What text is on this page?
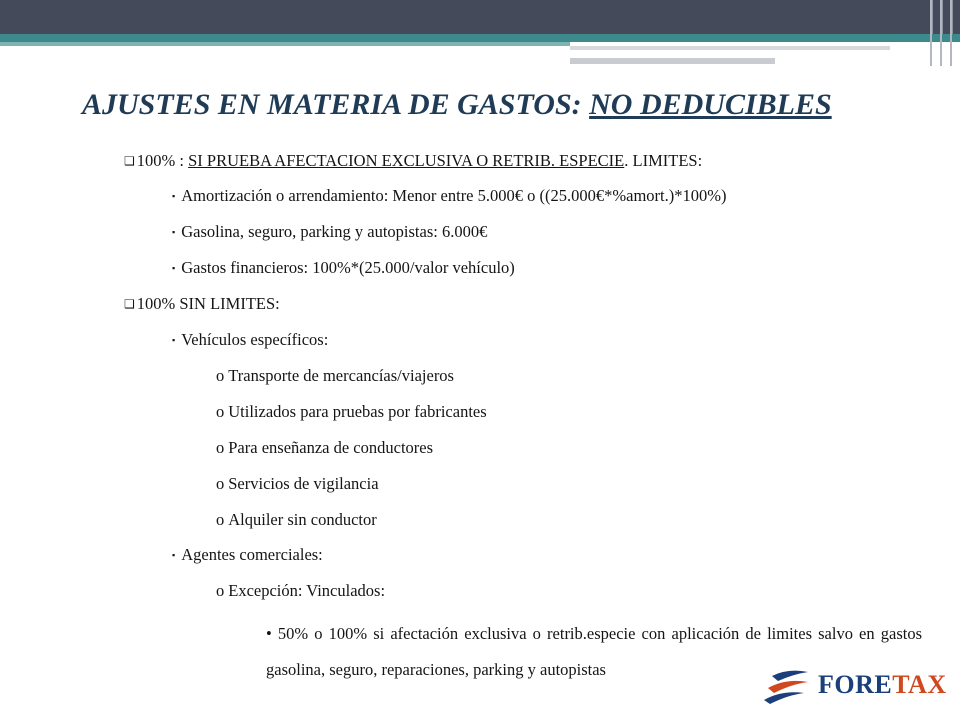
AJUSTES EN MATERIA DE GASTOS: NO DEDUCIBLES
❑ 100% : SI PRUEBA AFECTACION EXCLUSIVA O RETRIB. ESPECIE. LIMITES:
▪ Amortización o arrendamiento: Menor entre 5.000€ o ((25.000€*%amort.)*100%)
▪ Gasolina, seguro, parking y autopistas: 6.000€
▪ Gastos financieros: 100%*(25.000/valor vehículo)
❑ 100% SIN LIMITES:
▪ Vehículos específicos:
o Transporte de mercancías/viajeros
o Utilizados para pruebas por fabricantes
o Para enseñanza de conductores
o Servicios de vigilancia
o Alquiler sin conductor
▪ Agentes comerciales:
o Excepción: Vinculados:
• 50% o 100% si afectación exclusiva o retrib.especie con aplicación de limites salvo en gastos gasolina, seguro, reparaciones, parking y autopistas
FORETAX
